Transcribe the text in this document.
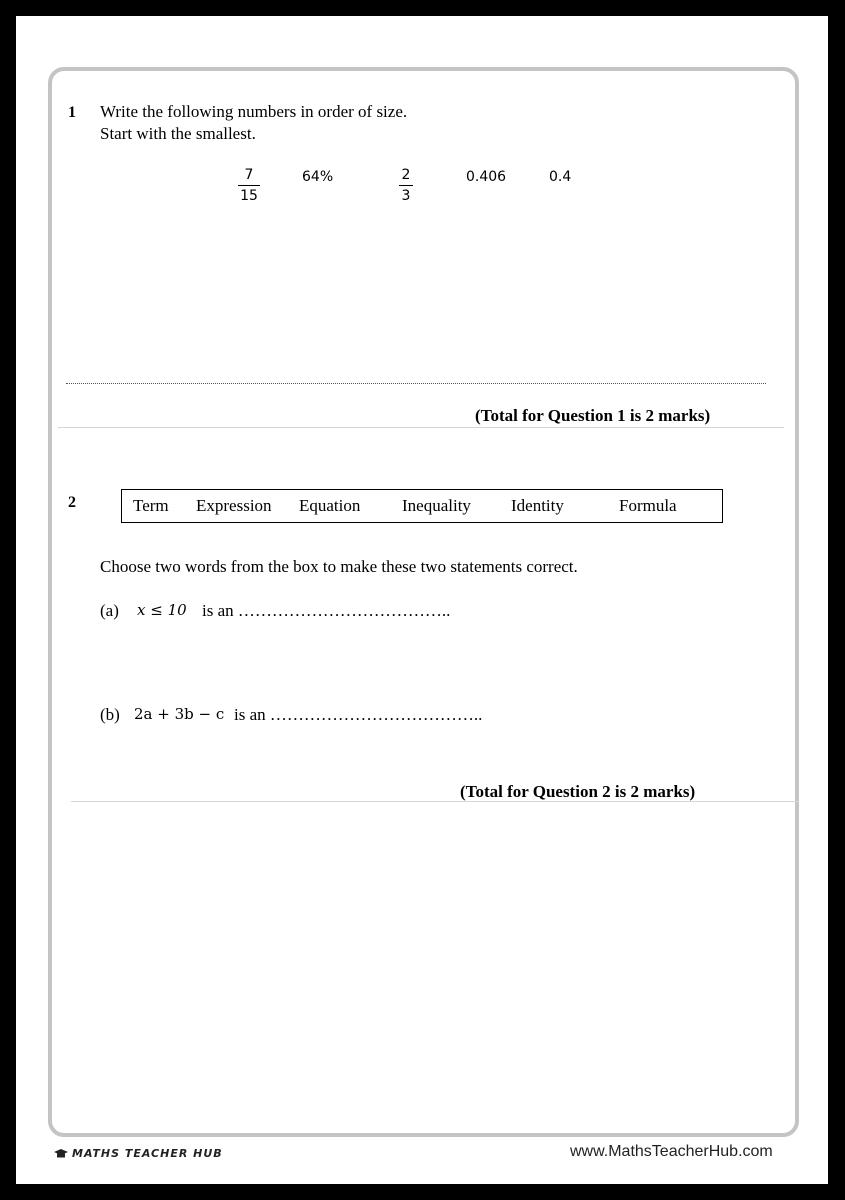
1 Write the following numbers in order of size.
Start with the smallest.
7
15
64%	2
3
0.406	0.4
(Total for Question 1 is 2 marks)
2	Term Expression Equation Inequality Identity	Formula
Choose two words from the box to make these two statements correct.
(a) x ≤ 10 is an ………………………………..
(b) 2a + 3b − c is an ………………………………..
(Total for Question 2 is 2 marks)
MATHS TEACHER HUB	www.MathsTeacherHub.com
